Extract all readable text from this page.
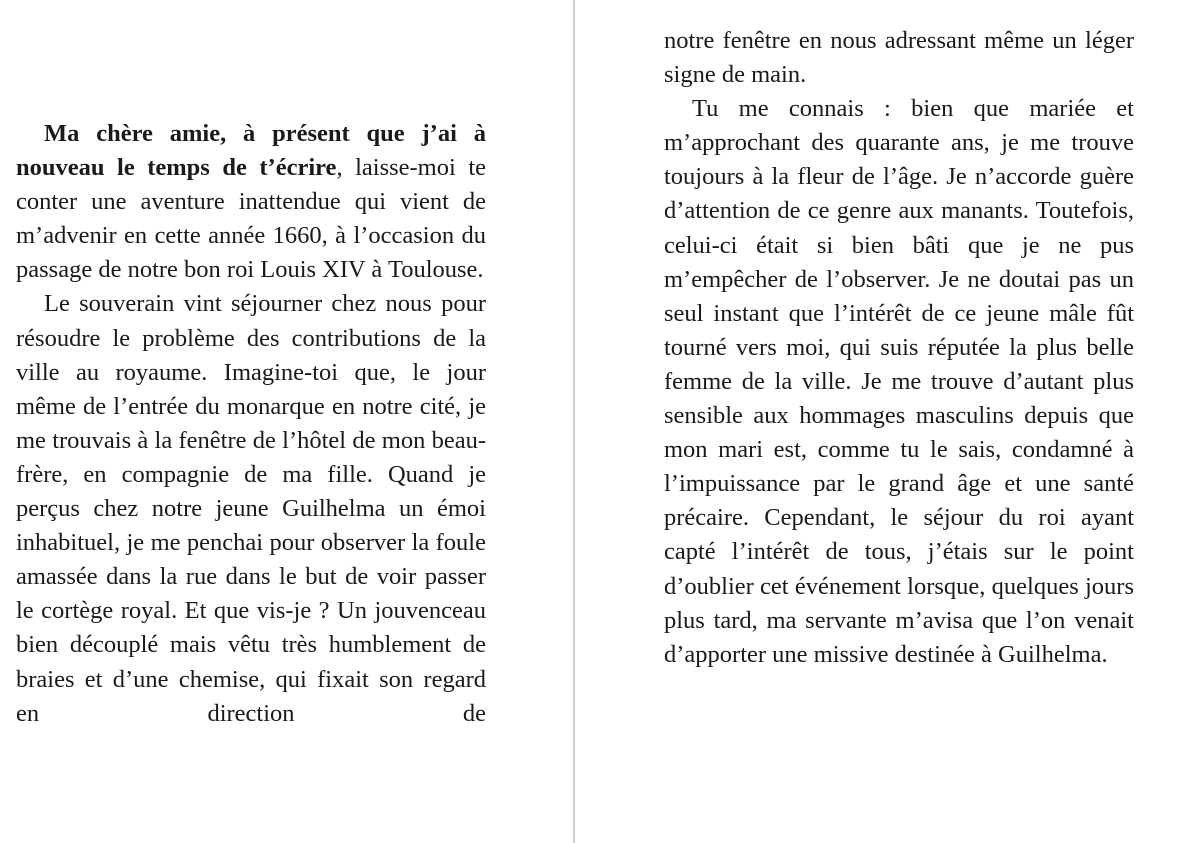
Ma chère amie, à présent que j’ai à nouveau le temps de t’écrire, laisse-moi te conter une aventure inattendue qui vient de m’advenir en cette année 1660, à l’occasion du passage de notre bon roi Louis XIV à Toulouse.

Le souverain vint séjourner chez nous pour résoudre le problème des contributions de la ville au royaume. Imagine-toi que, le jour même de l’entrée du monarque en notre cité, je me trouvais à la fenêtre de l’hôtel de mon beau-frère, en compagnie de ma fille. Quand je perçus chez notre jeune Guilhelma un émoi inhabituel, je me penchai pour observer la foule amassée dans la rue dans le but de voir passer le cortège royal. Et que vis-je ? Un jouvenceau bien découplé mais vêtu très humblement de braies et d’une chemise, qui fixait son regard en direction de

notre fenêtre en nous adressant même un léger signe de main.

Tu me connais : bien que mariée et m’approchant des quarante ans, je me trouve toujours à la fleur de l’âge. Je n’accorde guère d’attention de ce genre aux manants. Toutefois, celui-ci était si bien bâti que je ne pus m’empêcher de l’observer. Je ne doutai pas un seul instant que l’intérêt de ce jeune mâle fût tourné vers moi, qui suis réputée la plus belle femme de la ville. Je me trouve d’autant plus sensible aux hommages masculins depuis que mon mari est, comme tu le sais, condamné à l’impuissance par le grand âge et une santé précaire. Cependant, le séjour du roi ayant capté l’intérêt de tous, j’étais sur le point d’oublier cet événement lorsque, quelques jours plus tard, ma servante m’avisa que l’on venait d’apporter une missive destinée à Guilhelma.
